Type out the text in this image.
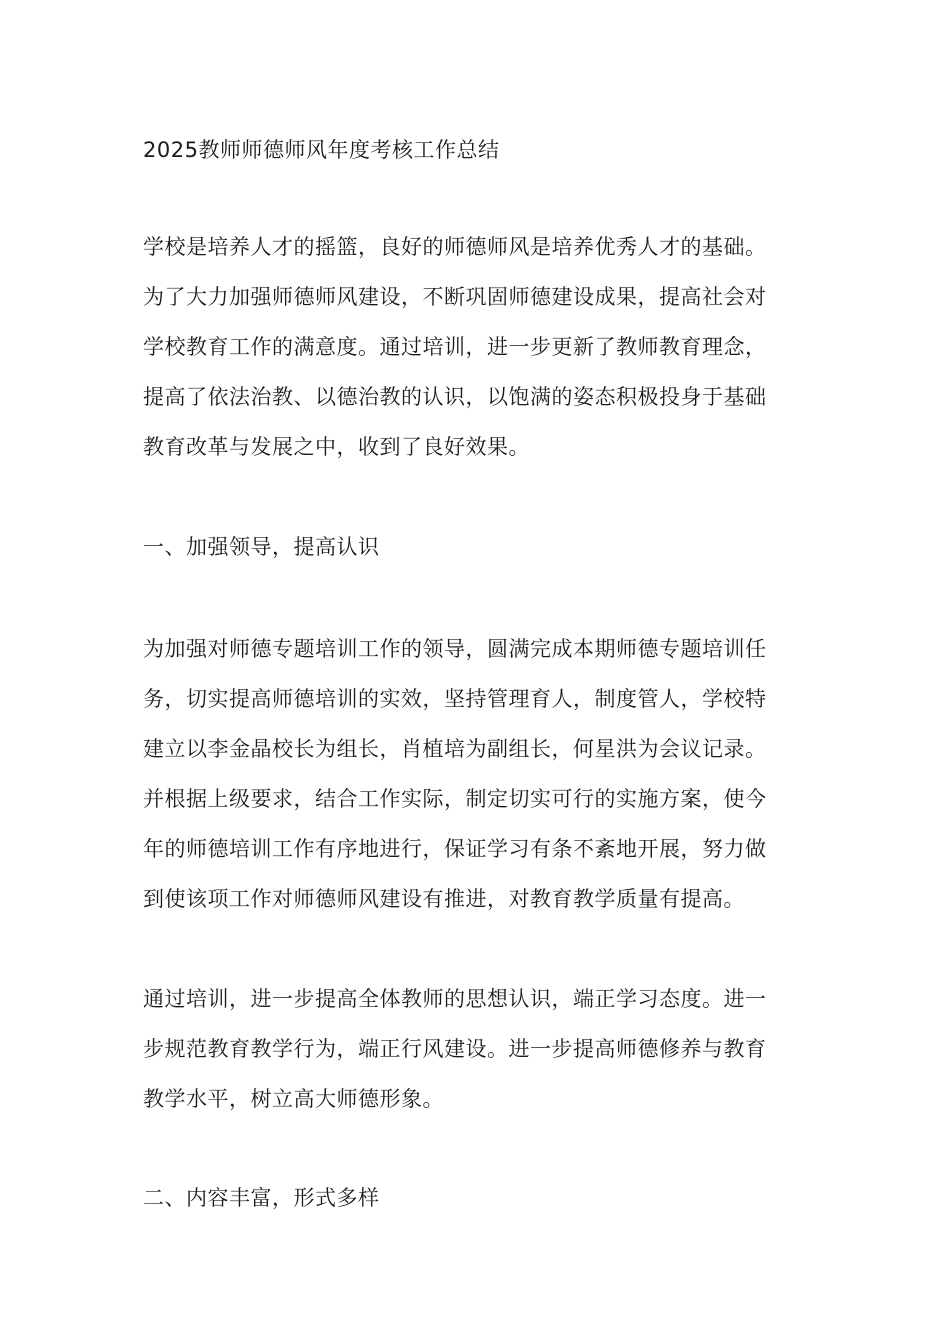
2025教师师德师风年度考核工作总结
学校是培养人才的摇篮，良好的师德师风是培养优秀人才的基础。
为了大力加强师德师风建设，不断巩固师德建设成果，提高社会对
学校教育工作的满意度。通过培训，进一步更新了教师教育理念，
提高了依法治教、以德治教的认识，以饱满的姿态积极投身于基础
教育改革与发展之中，收到了良好效果。
一、加强领导，提高认识
为加强对师德专题培训工作的领导，圆满完成本期师德专题培训任
务，切实提高师德培训的实效，坚持管理育人，制度管人，学校特
建立以李金晶校长为组长，肖植培为副组长，何星洪为会议记录。
并根据上级要求，结合工作实际，制定切实可行的实施方案，使今
年的师德培训工作有序地进行，保证学习有条不紊地开展，努力做
到使该项工作对师德师风建设有推进，对教育教学质量有提高。
通过培训，进一步提高全体教师的思想认识，端正学习态度。进一
步规范教育教学行为，端正行风建设。进一步提高师德修养与教育
教学水平，树立高大师德形象。
二、内容丰富，形式多样
